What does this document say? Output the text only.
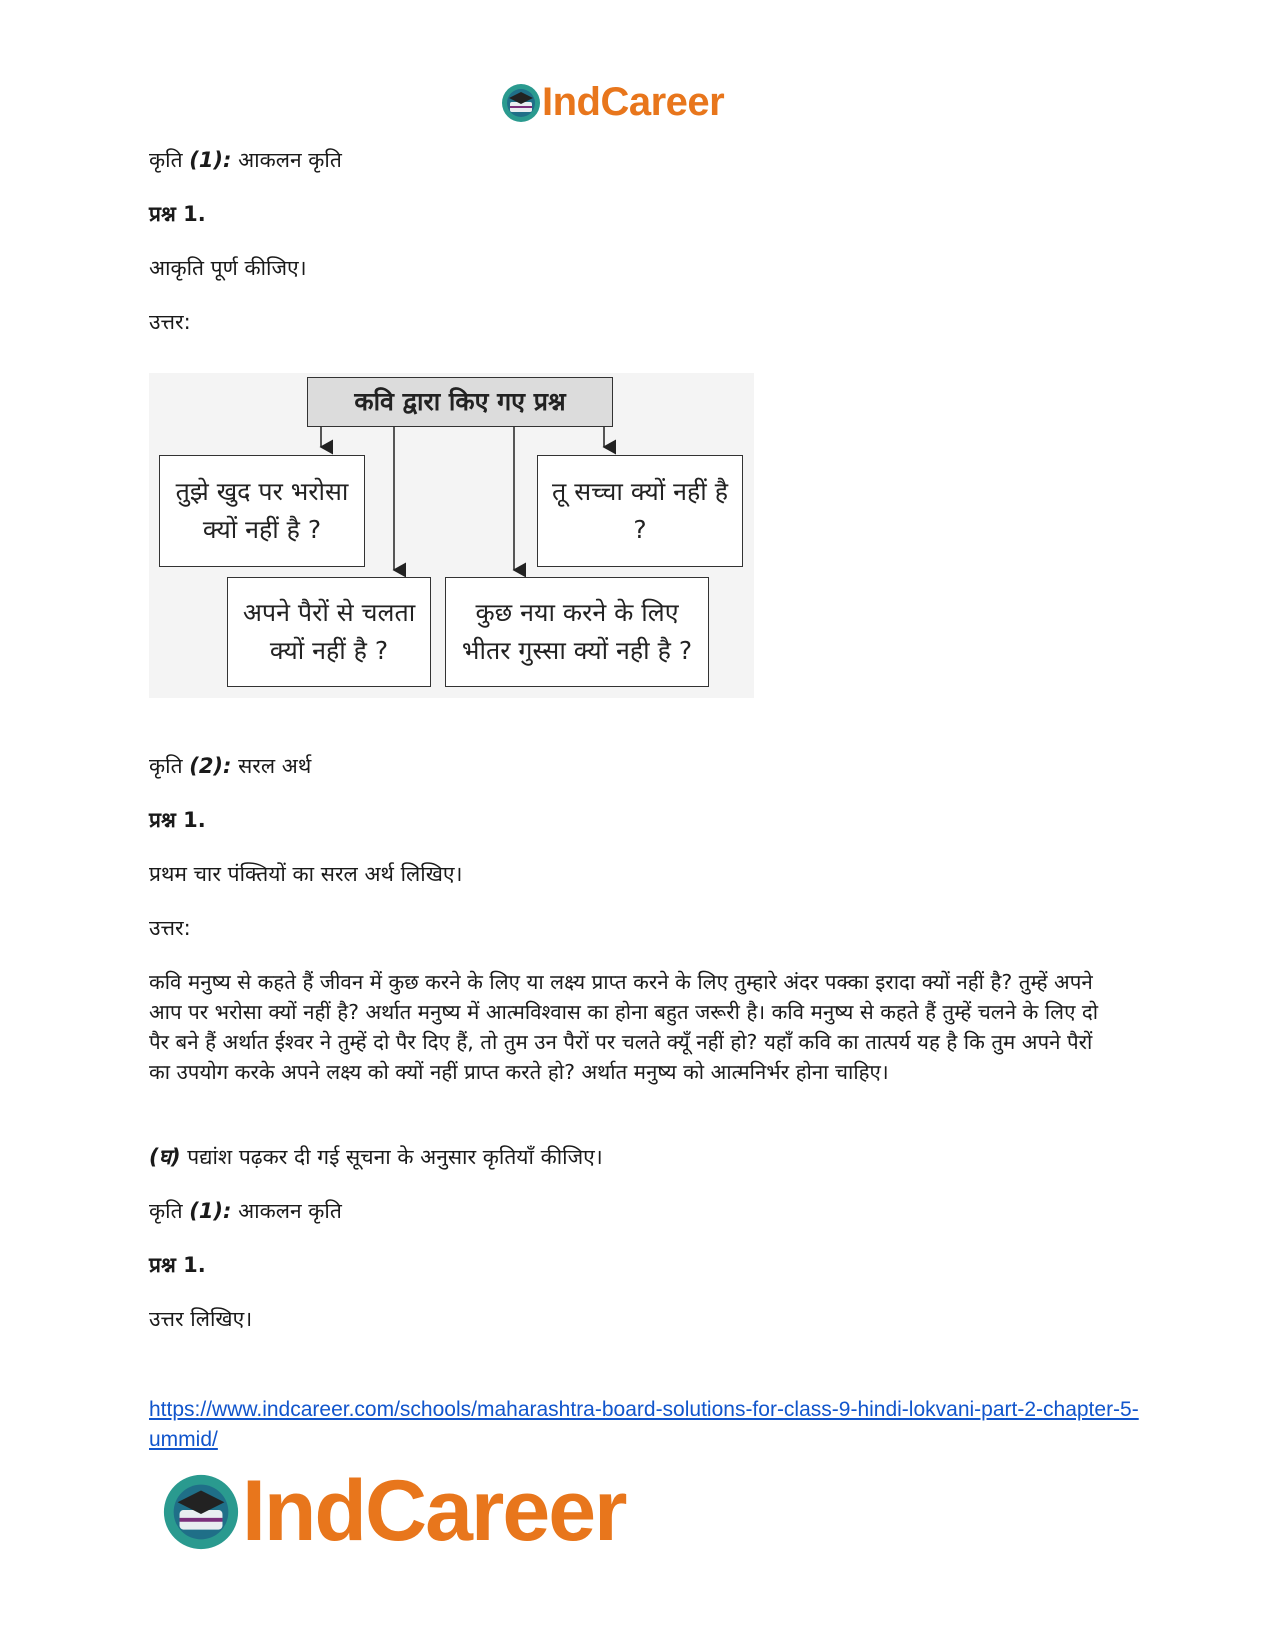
IndCareer

कृति (1): आकलन कृति

प्रश्न 1.

आकृति पूर्ण कीजिए।

उत्तर:

कवि द्वारा किए गए प्रश्न
तुझे खुद पर भरोसा क्यों नहीं है ?
तू सच्चा क्यों नहीं है ?
अपने पैरों से चलता क्यों नहीं है ?
कुछ नया करने के लिए भीतर गुस्सा क्यों नही है ?

कृति (2): सरल अर्थ

प्रश्न 1.

प्रथम चार पंक्तियों का सरल अर्थ लिखिए।

उत्तर:

कवि मनुष्य से कहते हैं जीवन में कुछ करने के लिए या लक्ष्य प्राप्त करने के लिए तुम्हारे अंदर पक्का इरादा क्यों नहीं है? तुम्हें अपने आप पर भरोसा क्यों नहीं है? अर्थात मनुष्य में आत्मविश्वास का होना बहुत जरूरी है। कवि मनुष्य से कहते हैं तुम्हें चलने के लिए दो पैर बने हैं अर्थात ईश्वर ने तुम्हें दो पैर दिए हैं, तो तुम उन पैरों पर चलते क्यूँ नहीं हो? यहाँ कवि का तात्पर्य यह है कि तुम अपने पैरों का उपयोग करके अपने लक्ष्य को क्यों नहीं प्राप्त करते हो? अर्थात मनुष्य को आत्मनिर्भर होना चाहिए।

(घ) पद्यांश पढ़कर दी गई सूचना के अनुसार कृतियाँ कीजिए।

कृति (1): आकलन कृति

प्रश्न 1.

उत्तर लिखिए।

https://www.indcareer.com/schools/maharashtra-board-solutions-for-class-9-hindi-lokvani-part-2-chapter-5-ummid/
IndCareer
